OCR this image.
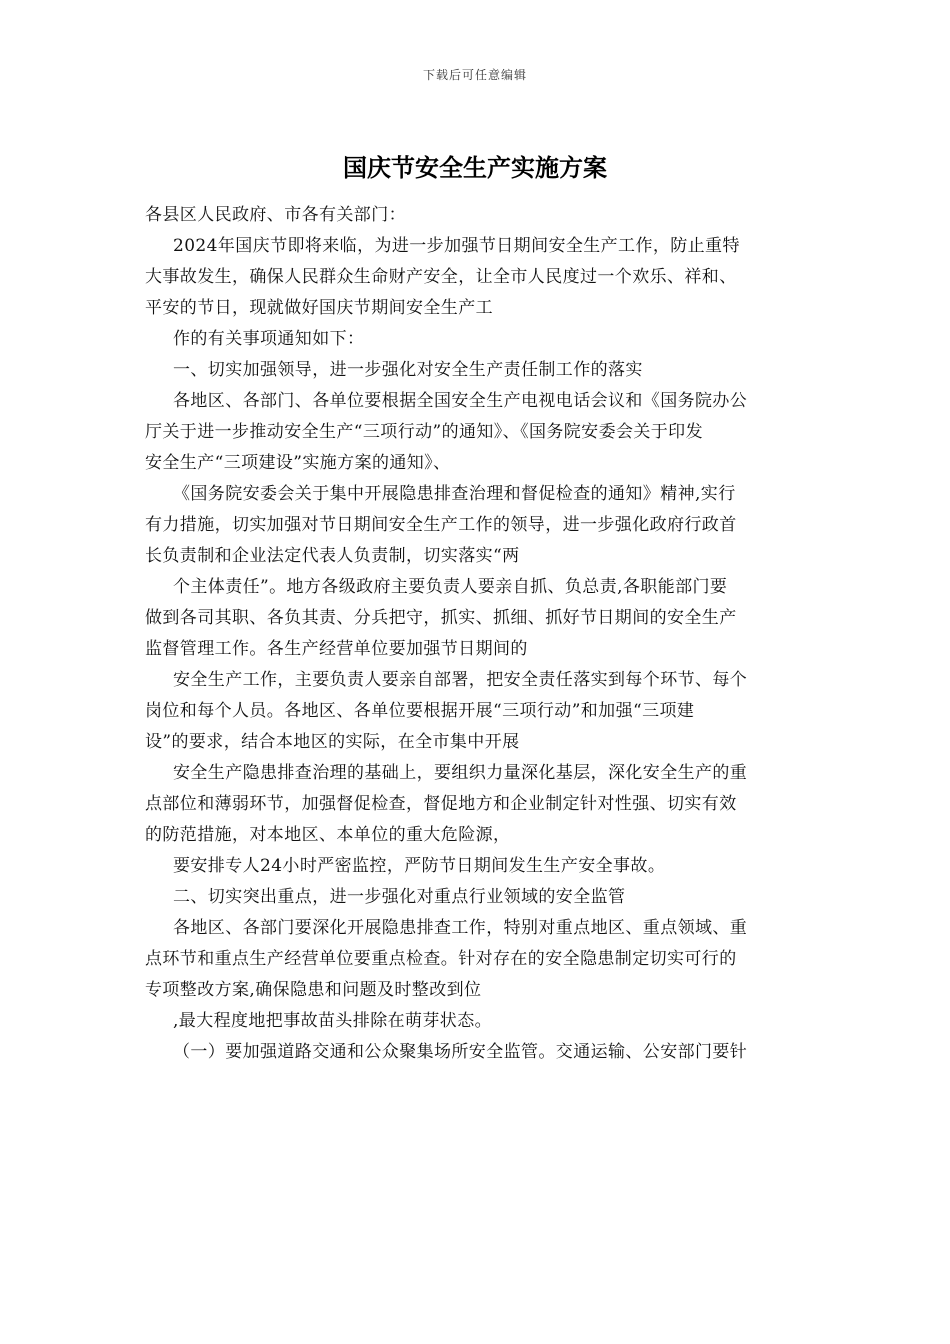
下载后可任意编辑
国庆节安全生产实施方案

各县区人民政府、市各有关部门：

2024年国庆节即将来临，为进一步加强节日期间安全生产工作，防止重特

大事故发生，确保人民群众生命财产安全，让全市人民度过一个欢乐、祥和、

平安的节日，现就做好国庆节期间安全生产工

作的有关事项通知如下：

一、切实加强领导，进一步强化对安全生产责任制工作的落实

各地区、各部门、各单位要根据全国安全生产电视电话会议和《国务院办公

厅关于进一步推动安全生产“三项行动”的通知》、《国务院安委会关于印发

安全生产“三项建设”实施方案的通知》、

《国务院安委会关于集中开展隐患排查治理和督促检查的通知》精神,实行

有力措施，切实加强对节日期间安全生产工作的领导，进一步强化政府行政首

长负责制和企业法定代表人负责制，切实落实“两

个主体责任”。地方各级政府主要负责人要亲自抓、负总责,各职能部门要

做到各司其职、各负其责、分兵把守，抓实、抓细、抓好节日期间的安全生产

监督管理工作。各生产经营单位要加强节日期间的

安全生产工作，主要负责人要亲自部署，把安全责任落实到每个环节、每个

岗位和每个人员。各地区、各单位要根据开展“三项行动”和加强“三项建

设”的要求，结合本地区的实际，在全市集中开展

安全生产隐患排查治理的基础上，要组织力量深化基层，深化安全生产的重

点部位和薄弱环节，加强督促检查，督促地方和企业制定针对性强、切实有效

的防范措施，对本地区、本单位的重大危险源，

要安排专人24小时严密监控，严防节日期间发生生产安全事故。

二、切实突出重点，进一步强化对重点行业领域的安全监管

各地区、各部门要深化开展隐患排查工作，特别对重点地区、重点领域、重

点环节和重点生产经营单位要重点检查。针对存在的安全隐患制定切实可行的

专项整改方案,确保隐患和问题及时整改到位

,最大程度地把事故苗头排除在萌芽状态。

（一）要加强道路交通和公众聚集场所安全监管。交通运输、公安部门要针
